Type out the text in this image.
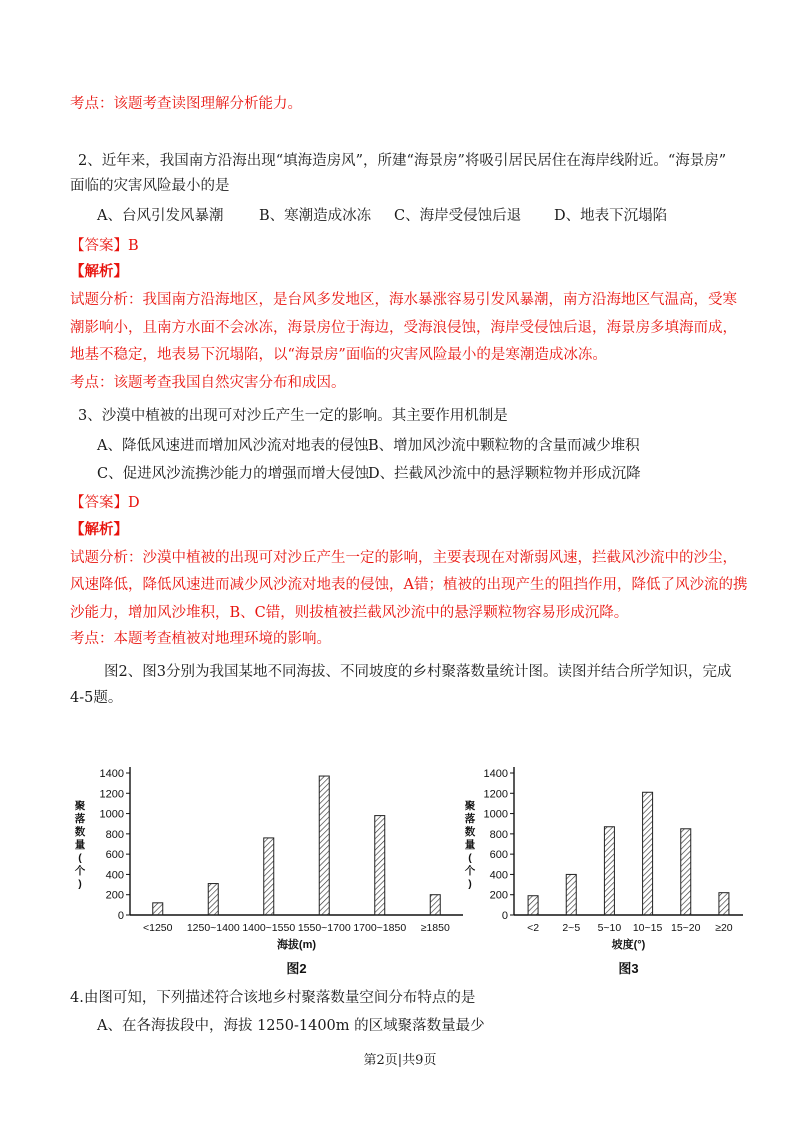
考点：该题考查读图理解分析能力。
2、近年来，我国南方沿海出现“填海造房风”，所建“海景房”将吸引居民居住在海岸线附近。“海景房”
面临的灾害风险最小的是
A、台风引发风暴潮 B、寒潮造成冰冻 C、海岸受侵蚀后退 D、地表下沉塌陷
【答案】B
【解析】
试题分析：我国南方沿海地区，是台风多发地区，海水暴涨容易引发风暴潮，南方沿海地区气温高，受寒
潮影响小，且南方水面不会冰冻，海景房位于海边，受海浪侵蚀，海岸受侵蚀后退，海景房多填海而成，
地基不稳定，地表易下沉塌陷，以“海景房”面临的灾害风险最小的是寒潮造成冰冻。
考点：该题考查我国自然灾害分布和成因。
3、沙漠中植被的出现可对沙丘产生一定的影响。其主要作用机制是
A、降低风速进而增加风沙流对地表的侵蚀 B、增加风沙流中颗粒物的含量而减少堆积
C、促进风沙流携沙能力的增强而增大侵蚀
D、拦截风沙流中的悬浮颗粒物并形成沉降
【答案】D
【解析】
试题分析：沙漠中植被的出现可对沙丘产生一定的影响，主要表现在对渐弱风速，拦截风沙流中的沙尘，
风速降低，降低风速进而减少风沙流对地表的侵蚀，A错；植被的出现产生的阻挡作用，降低了风沙流的携
沙能力，增加风沙堆积，B、C错，则拔植被拦截风沙流中的悬浮颗粒物容易形成沉降。
考点：本题考查植被对地理环境的影响。
图2、图3分别为我国某地不同海拔、不同坡度的乡村聚落数量统计图。读图并结合所学知识，完成
4-5题。
0
200
400
600
800
1000
1200
1400
聚
落
数
量
(
个
)
<1250 1250~1400 1400~1550 1550~1700 1700~1850 ≥1850
海拔(m)
图2
0
200
400
600
800
1000
1200
1400
聚
落
数
量
(
个
)
<2 2~5 5~10 10~15 15~20 ≥20
坡度(°)
图3
4.由图可知，下列描述符合该地乡村聚落数量空间分布特点的是
A、在各海拔段中，海拔 1250-1400m 的区域聚落数量最少
第2页|共9页
